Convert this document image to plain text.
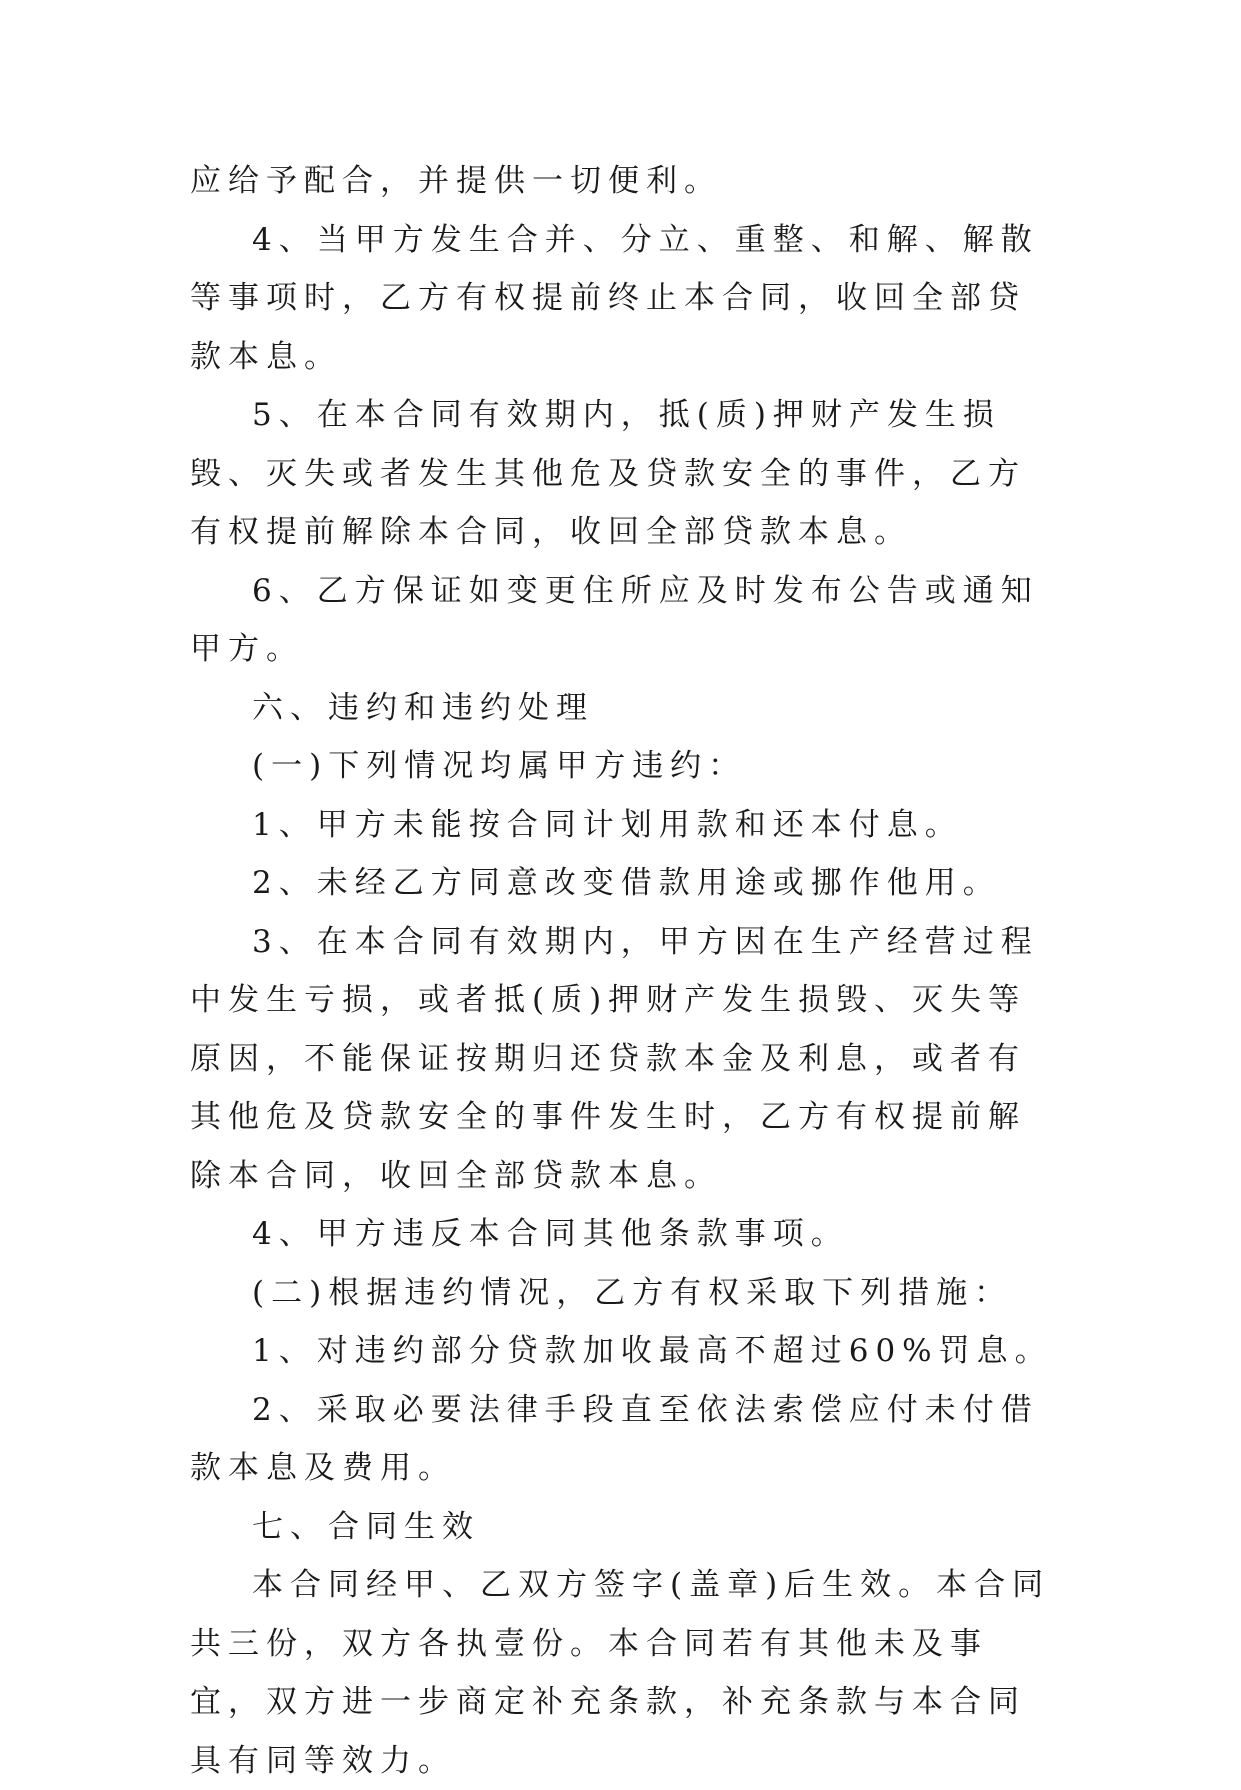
应给予配合，并提供一切便利。

4、当甲方发生合并、分立、重整、和解、解散等事项时，乙方有权提前终止本合同，收回全部贷款本息。

5、在本合同有效期内，抵(质)押财产发生损毁、灭失或者发生其他危及贷款安全的事件，乙方有权提前解除本合同，收回全部贷款本息。

6、乙方保证如变更住所应及时发布公告或通知甲方。

六、违约和违约处理

(一)下列情况均属甲方违约：

1、甲方未能按合同计划用款和还本付息。

2、未经乙方同意改变借款用途或挪作他用。

3、在本合同有效期内，甲方因在生产经营过程中发生亏损，或者抵(质)押财产发生损毁、灭失等原因，不能保证按期归还贷款本金及利息，或者有其他危及贷款安全的事件发生时，乙方有权提前解除本合同，收回全部贷款本息。

4、甲方违反本合同其他条款事项。

(二)根据违约情况，乙方有权采取下列措施：

1、对违约部分贷款加收最高不超过60%罚息。

2、采取必要法律手段直至依法索偿应付未付借款本息及费用。

七、合同生效

本合同经甲、乙双方签字(盖章)后生效。本合同共三份，双方各执壹份。本合同若有其他未及事宜，双方进一步商定补充条款，补充条款与本合同具有同等效力。
